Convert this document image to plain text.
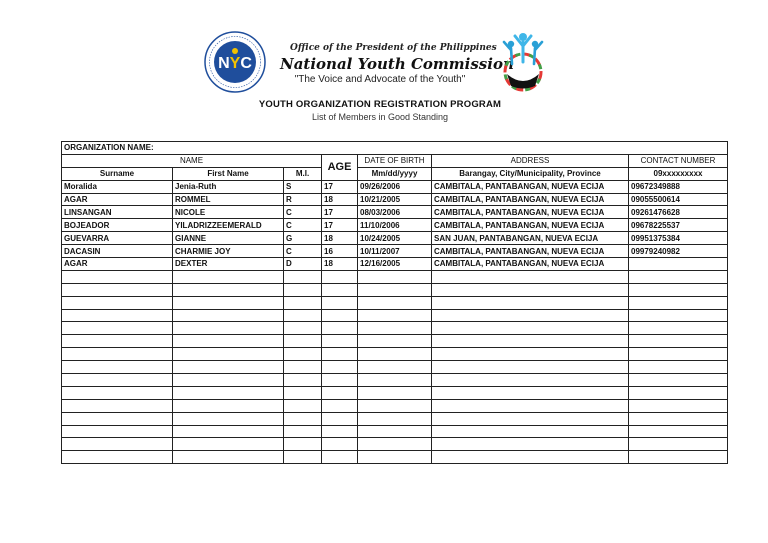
NYC
Office of the President of the Philippines
National Youth Commission
"The Voice and Advocate of the Youth"
YOUTH ORGANIZATION REGISTRATION PROGRAM
List of Members in Good Standing
ORGANIZATION NAME:						
NAME			AGE	DATE OF BIRTH	ADDRESS	CONTACT NUMBER
Surname	First Name	M.I.		Mm/dd/yyyy	Barangay, City/Municipality, Province	09xxxxxxxxx
Moralida	Jenia-Ruth	S	17	09/26/2006	CAMBITALA, PANTABANGAN, NUEVA ECIJA	09672349888
AGAR	ROMMEL	R	18	10/21/2005	CAMBITALA, PANTABANGAN, NUEVA ECIJA	09055500614
LINSANGAN	NICOLE	C	17	08/03/2006	CAMBITALA, PANTABANGAN, NUEVA ECIJA	09261476628
BOJEADOR	YILADRIZZEEMERALD	C	17	11/10/2006	CAMBITALA, PANTABANGAN, NUEVA ECIJA	09678225537
GUEVARRA	GIANNE	G	18	10/24/2005	SAN JUAN, PANTABANGAN, NUEVA ECIJA	09951375384
DACASIN	CHARMIE JOY	C	16	10/11/2007	CAMBITALA, PANTABANGAN, NUEVA ECIJA	09979240982
AGAR	DEXTER	D	18	12/16/2005	CAMBITALA, PANTABANGAN, NUEVA ECIJA	
